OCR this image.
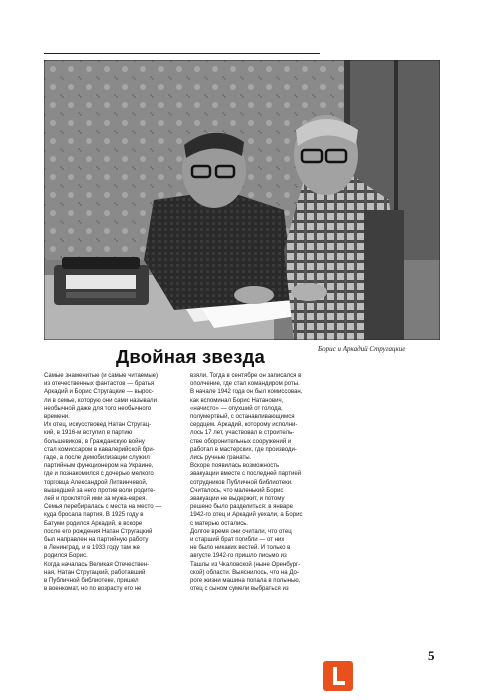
Борис и Аркадий Стругацкие
Двойная звезда
Самые знаменитые (и самые читаемые)
из отечественных фантастов — братья
Аркадий и Борис Стругацкие — вырос-
ли в семье, которую они сами называли
необычной даже для того необычного
времени.
Их отец, искусствовед Натан Стругац-
кий, в 1916-м вступил в партию
большевиков, в Гражданскую войну
стал комиссаром в кавалерийской бри-
гаде, а после демобилизации служил
партийным функционером на Украине,
где и познакомился с дочерью мелкого
торговца Александрой Литвинчевой,
вышедшей за него против воли родите-
лей и проклятой ими за мужа-еврея.
Семья перебиралась с места на место —
куда бросала партия. В 1925 году в
Батуми родился Аркадий, в вскоре
после его рождения Натан Стругацкий
был направлен на партийную работу
в Ленинград, и в 1933 году там же
родился Борис.
Когда началась Великая Отечествен-
ная, Натан Стругацкий, работавший
в Публичной библиотеке, пришел
в военкомат, но по возрасту его не
взяли. Тогда в сентябре он записался в
ополчение, где стал командиром роты.
В начале 1942 года он был комиссован,
как вспоминал Борис Натанович,
«начисто» — опухший от голода,
полумертвый, с останавливающимся
сердцем. Аркадий, которому исполни-
лось 17 лет, участвовал в строитель-
стве оборонительных сооружений и
работал в мастерских, где производи-
лись ручные гранаты.
Вскоре появилась возможность
эвакуации вместе с последней партией
сотрудников Публичной библиотеки.
Считалось, что маленький Борис
эвакуации не выдержит, и потому
решено было разделиться: в январе
1942-го отец и Аркадий уехали, а Борис
с матерью остались.
Долгое время они считали, что отец
и старший брат погибли — от них
не было никаких вестей. И только в
августе 1942-го пришло письмо из
Ташлы из Чкаловской (ныне Оренбург-
ской) области. Выяснилось, что на До-
роге жизни машина попала в полынью,
отец с сыном сумели выбраться из
5
